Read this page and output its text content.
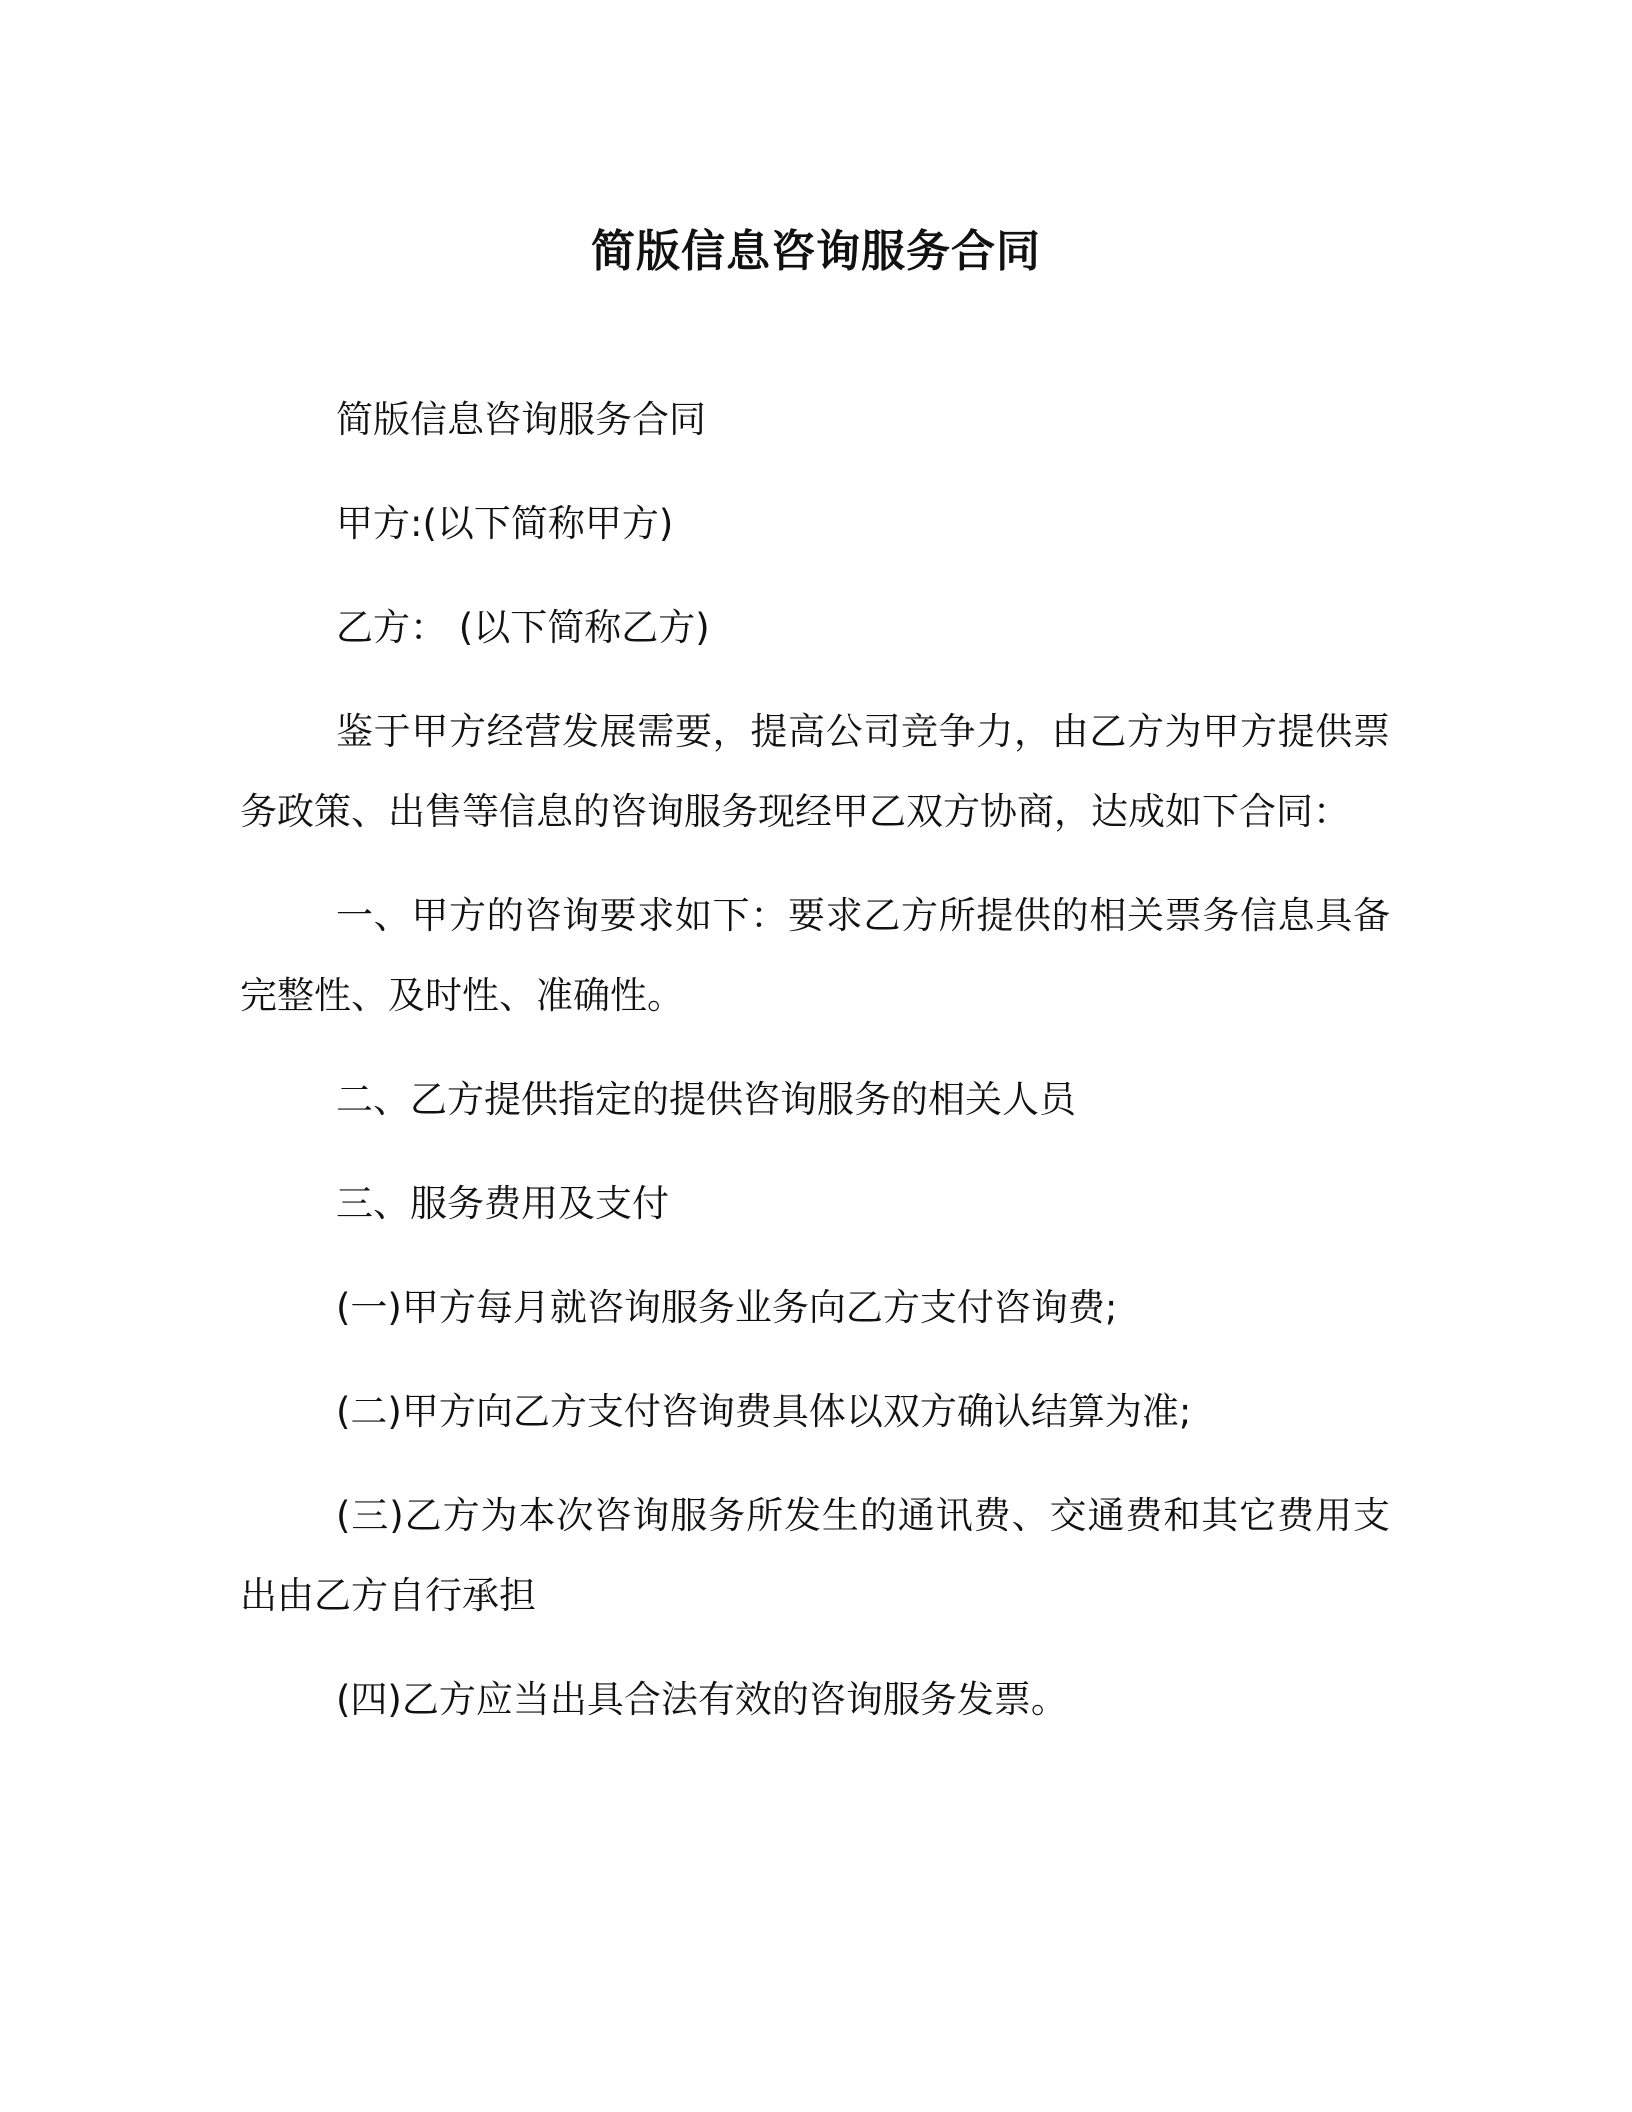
简版信息咨询服务合同

简版信息咨询服务合同

甲方:(以下简称甲方)

乙方： (以下简称乙方)

鉴于甲方经营发展需要，提高公司竞争力，由乙方为甲方提供票务政策、出售等信息的咨询服务现经甲乙双方协商，达成如下合同：

一、甲方的咨询要求如下：要求乙方所提供的相关票务信息具备完整性、及时性、准确性。

二、乙方提供指定的提供咨询服务的相关人员

三、服务费用及支付

(一)甲方每月就咨询服务业务向乙方支付咨询费;

(二)甲方向乙方支付咨询费具体以双方确认结算为准;

(三)乙方为本次咨询服务所发生的通讯费、交通费和其它费用支出由乙方自行承担

(四)乙方应当出具合法有效的咨询服务发票。
